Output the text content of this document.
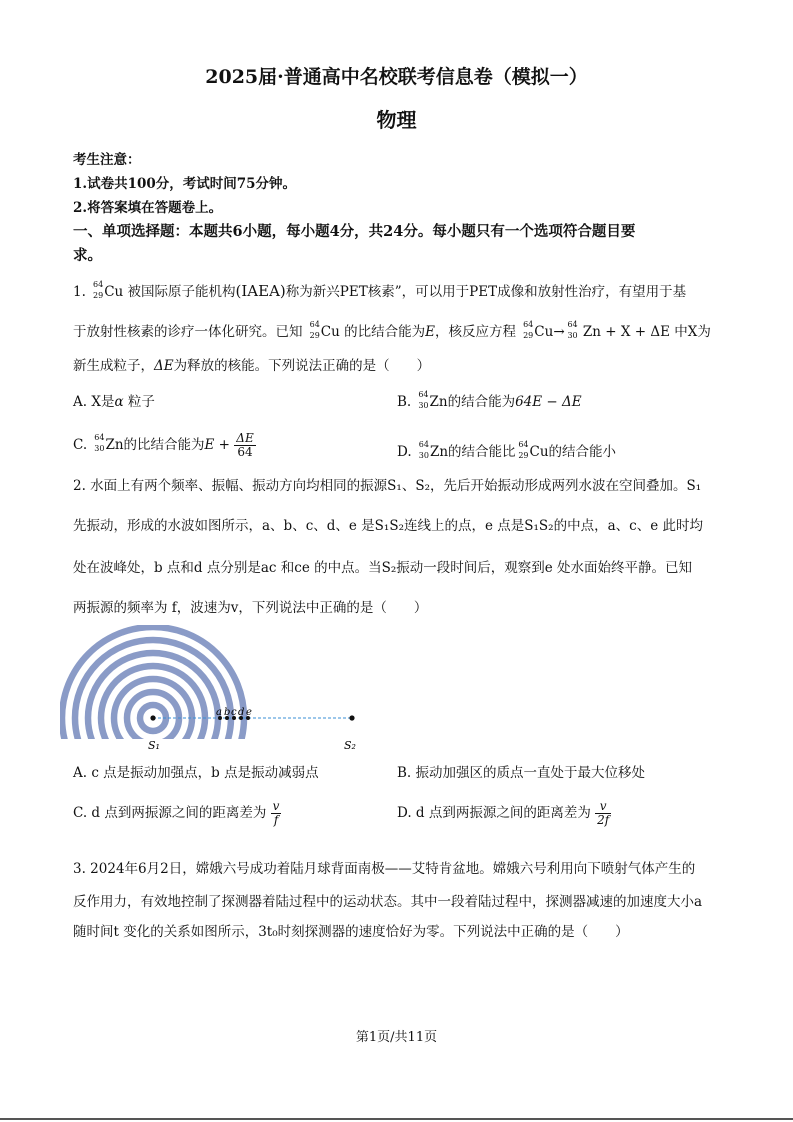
2025届·普通高中名校联考信息卷（模拟一）
物理
考生注意：
1.试卷共100分，考试时间75分钟。
2.将答案填在答题卷上。
一、单项选择题：本题共6小题，每小题4分，共24分。每小题只有一个选项符合题目要
求。
1. 64
29 Cu 被国际原子能机构(IAEA)称为新兴PET核素”，可以用于PET成像和放射性治疗，有望用于基
于放射性核素的诊疗一体化研究。已知 64
29 Cu 的比结合能为E，核反应方程 64
29 Cu→ 64
30 Zn + X + ΔE 中X为
新生成粒子，ΔE为释放的核能。下列说法正确的是（　　）
A. X是α 粒子	B. 64
30 Zn的结合能为64E − ΔE
C. 64
30 Zn的比结合能为$E + \frac{\Delta E}{64}$	D. 64
30 Zn的结合能比 64
29 Cu的结合能小
2. 水面上有两个频率、振幅、振动方向均相同的振源S₁、S₂，先后开始振动形成两列水波在空间叠加。S₁
先振动，形成的水波如图所示，a、b、c、d、e 是S₁S₂连线上的点，e 点是S₁S₂的中点，a、c、e 此时均
处在波峰处，b 点和d 点分别是ac 和ce 的中点。当S₂振动一段时间后，观察到e 处水面始终平静。已知
两振源的频率为 f，波速为v，下列说法中正确的是（　　）
a b c d e
S₁	S₂
A. c 点是振动加强点，b 点是振动减弱点	B. 振动加强区的质点一直处于最大位移处
C. d 点到两振源之间的距离差为 $\frac{v}{f}$	D. d 点到两振源之间的距离差为 $\frac{v}{2f}$
3. 2024年6月2日，嫦娥六号成功着陆月球背面南极——艾特肯盆地。嫦娥六号利用向下喷射气体产生的
反作用力，有效地控制了探测器着陆过程中的运动状态。其中一段着陆过程中，探测器减速的加速度大小a
随时间t 变化的关系如图所示，3t₀时刻探测器的速度恰好为零。下列说法中正确的是（　　）
第1页/共11页
